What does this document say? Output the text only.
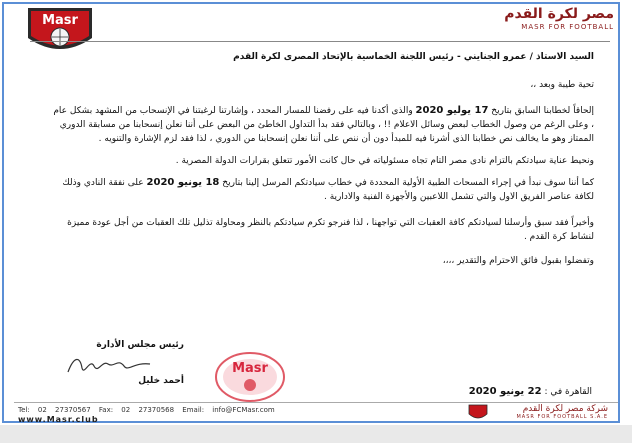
Masr	مصر لكرة القدم
MASR FOR FOOTBALL

السيد الاستاذ / عمرو الجنايني - رئيس اللجنة الخماسية بالإتحاد المصرى لكرة القدم

تحية طيبة وبعد ،،

إلحاقاً لخطابنا السابق بتاريخ 17 يوليو 2020 والذى أكدنا فيه على رفضنا للمسار المحدد ، وإشارتنا لرغبتنا في الإنسحاب من المشهد بشكل عام ، وعلى الرغم من وصول الخطاب لبعض وسائل الاعلام !! ، وبالتالي فقد بدأ التداول الخاطئ من البعض على أننا نعلن إنسحابنا من مسابقة الدوري الممتاز وهو ما يخالف نص خطابنا الذى أشرنا فيه للمبدأ دون أن ننص على أننا نعلن إنسحابنا من الدوري ، لذا فقد لزم الإشارة والتنويه .

ونحيط عناية سيادتكم بالتزام نادى مصر التام تجاه مسئولياته في حال كانت الأمور تتعلق بقرارات الدولة المصرية .

كما أننا سوف نبدأ في إجراء المسحات الطبية الأولية المحددة في خطاب سيادتكم المرسل إلينا بتاريخ 18 يونيو 2020 على نفقة النادي وذلك لكافة عناصر الفريق الاول والتي تشمل اللاعبين والأجهزة الفنية والادارية .

وأخيراً فقد سبق وأرسلنا لسيادتكم كافة العقبات التي تواجهنا ، لذا فنرجو تكرم سيادتكم بالنظر ومحاولة تذليل تلك العقبات من أجل عودة مميزة لنشاط كرة القدم .

وتفضلوا بقبول فائق الاحترام والتقدير ،،،،

Masr
رئيس مجلس الأدارة
أحمد خليل
القاهرة في : 22 يونيو 2020
Tel: 02 27370567 Fax: 02 27370568 Email: info@FCMasr.com
www.Masr.club
شركة مصر لكرة القدم
MASR FOR FOOTBALL S.A.E
